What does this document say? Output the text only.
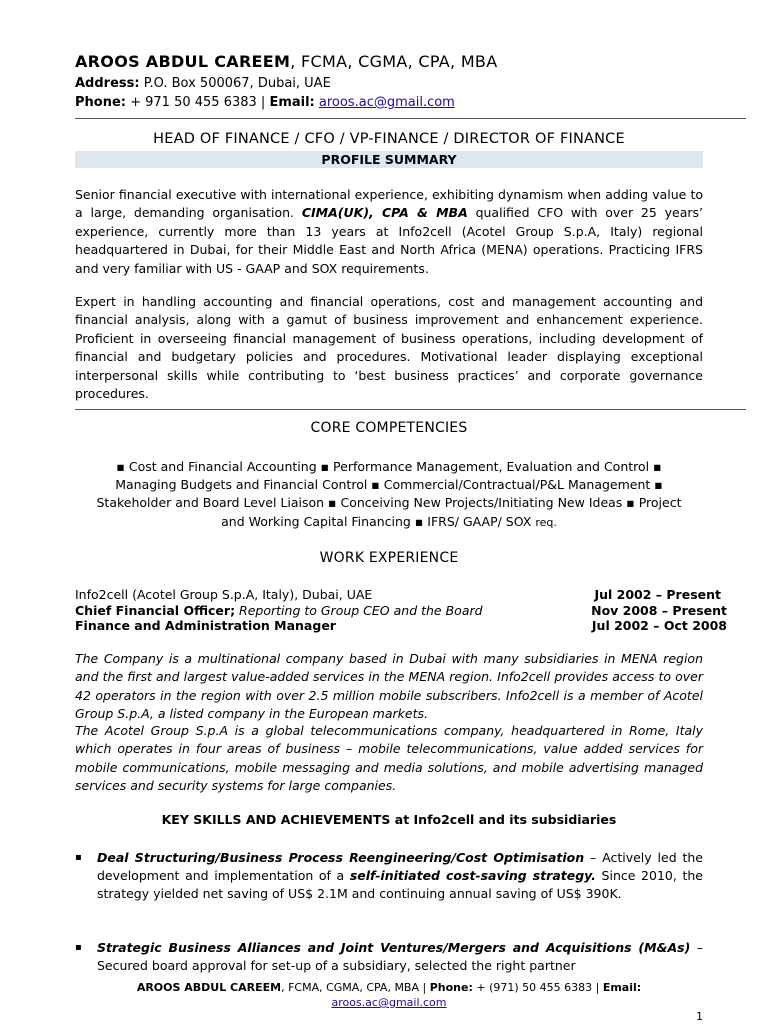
AROOS ABDUL CAREEM, FCMA, CGMA, CPA, MBA
Address: P.O. Box 500067, Dubai, UAE
Phone: + 971 50 455 6383 | Email: aroos.ac@gmail.com
HEAD OF FINANCE / CFO / VP-FINANCE / DIRECTOR OF FINANCE
PROFILE SUMMARY

Senior financial executive with international experience, exhibiting dynamism when adding value to a large, demanding organisation. CIMA(UK), CPA & MBA qualified CFO with over 25 years’ experience, currently more than 13 years at Info2cell (Acotel Group S.p.A, Italy) regional headquartered in Dubai, for their Middle East and North Africa (MENA) operations. Practicing IFRS and very familiar with US - GAAP and SOX requirements.

Expert in handling accounting and financial operations, cost and management accounting and financial analysis, along with a gamut of business improvement and enhancement experience. Proficient in overseeing financial management of business operations, including development of financial and budgetary policies and procedures. Motivational leader displaying exceptional interpersonal skills while contributing to ‘best business practices’ and corporate governance procedures.

CORE COMPETENCIES
▪ Cost and Financial Accounting ▪ Performance Management, Evaluation and Control ▪
Managing Budgets and Financial Control ▪ Commercial/Contractual/P&L Management ▪
Stakeholder and Board Level Liaison ▪ Conceiving New Projects/Initiating New Ideas ▪ Project
and Working Capital Financing ▪ IFRS/ GAAP/ SOX req.
WORK EXPERIENCE
Info2cell (Acotel Group S.p.A, Italy), Dubai, UAE	Jul 2002 – Present
Chief Financial Officer; Reporting to Group CEO and the Board	Nov 2008 – Present
Finance and Administration Manager	Jul 2002 – Oct 2008

The Company is a multinational company based in Dubai with many subsidiaries in MENA region and the first and largest value-added services in the MENA region. Info2cell provides access to over 42 operators in the region with over 2.5 million mobile subscribers. Info2cell is a member of Acotel Group S.p.A, a listed company in the European markets.

The Acotel Group S.p.A is a global telecommunications company, headquartered in Rome, Italy which operates in four areas of business – mobile telecommunications, value added services for mobile communications, mobile messaging and media solutions, and mobile advertising managed services and security systems for large companies.

KEY SKILLS AND ACHIEVEMENTS at Info2cell and its subsidiaries
▪ Deal Structuring/Business Process Reengineering/Cost Optimisation – Actively led the development and implementation of a self-initiated cost-saving strategy. Since 2010, the strategy yielded net saving of US$ 2.1M and continuing annual saving of US$ 390K.
▪ Strategic Business Alliances and Joint Ventures/Mergers and Acquisitions (M&As) – Secured board approval for set-up of a subsidiary, selected the right partner
AROOS ABDUL CAREEM, FCMA, CGMA, CPA, MBA | Phone: + (971) 50 455 6383 | Email:
aroos.ac@gmail.com
1
